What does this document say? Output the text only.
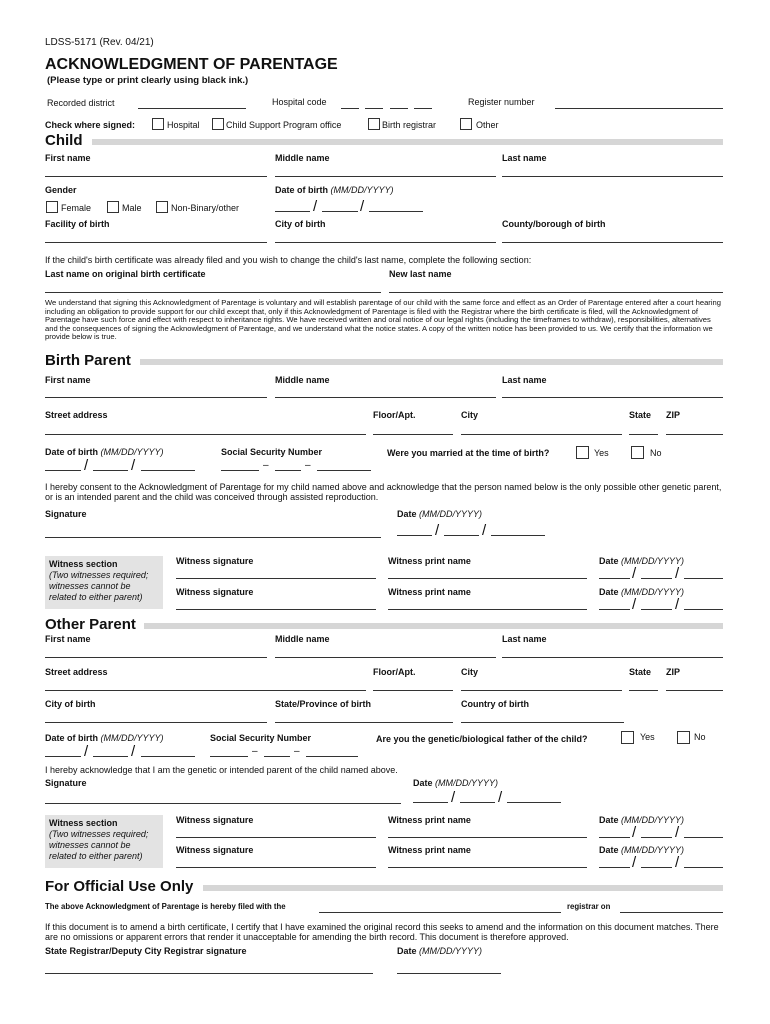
LDSS-5171 (Rev. 04/21)
ACKNOWLEDGMENT OF PARENTAGE
(Please type or print clearly using black ink.)
Recorded district	Hospital code	Register number
Check where signed:	Hospital	Child Support Program office	Birth registrar	Other
Child
First name	Middle name	Last name
Gender
Female	Male	Non-Binary/other
Date of birth (MM/DD/YYYY)
/	/
Facility of birth	City of birth	County/borough of birth
If the child's birth certificate was already filed and you wish to change the child's last name, complete the following section:
Last name on original birth certificate	New last name
We understand that signing this Acknowledgment of Parentage is voluntary and will establish parentage of our child with the same force and effect as an Order of Parentage entered after a court hearing including an obligation to provide support for our child except that, only if this Acknowledgment of Parentage is filed with the Registrar where the birth certificate is filed, will the Acknowledgment of Parentage have such force and effect with respect to inheritance rights. We have received written and oral notice of our legal rights (including the timeframes to withdraw), responsibilities, alternatives and the consequences of signing the Acknowledgment of Parentage, and we understand what the notice states. A copy of the written notice has been provided to us. We certify that the information we provide below is true.
Birth Parent
First name	Middle name	Last name
Street address	Floor/Apt.	City	State ZIP
Date of birth (MM/DD/YYYY)
/	/
Social Security Number
–	–
Were you married at the time of birth?	Yes	No
I hereby consent to the Acknowledgment of Parentage for my child named above and acknowledge that the person named below is the only possible other genetic parent, or is an intended parent and the child was conceived through assisted reproduction.
Signature	Date (MM/DD/YYYY)
/	/
Witness section
(Two witnesses required; witnesses cannot be related to either parent)
Witness signature	Witness print name	Date (MM/DD/YYYY)
/	/
Witness signature	Witness print name	Date (MM/DD/YYYY)
/	/
Other Parent
First name	Middle name	Last name
Street address	Floor/Apt.	City	State ZIP
City of birth	State/Province of birth	Country of birth
Date of birth (MM/DD/YYYY)
/	/
Social Security Number
–	–
Are you the genetic/biological father of the child?	Yes	No
I hereby acknowledge that I am the genetic or intended parent of the child named above.
Signature	Date (MM/DD/YYYY)
/	/
Witness section
(Two witnesses required; witnesses cannot be related to either parent)
Witness signature	Witness print name	Date (MM/DD/YYYY)
/	/
Witness signature	Witness print name	Date (MM/DD/YYYY)
/	/
For Official Use Only
The above Acknowledgment of Parentage is hereby filed with the	registrar on
If this document is to amend a birth certificate, I certify that I have examined the original record this seeks to amend and the information on this document matches. There are no omissions or apparent errors that render it unacceptable for amending the birth record. This document is therefore approved.
State Registrar/Deputy City Registrar signature	Date (MM/DD/YYYY)
